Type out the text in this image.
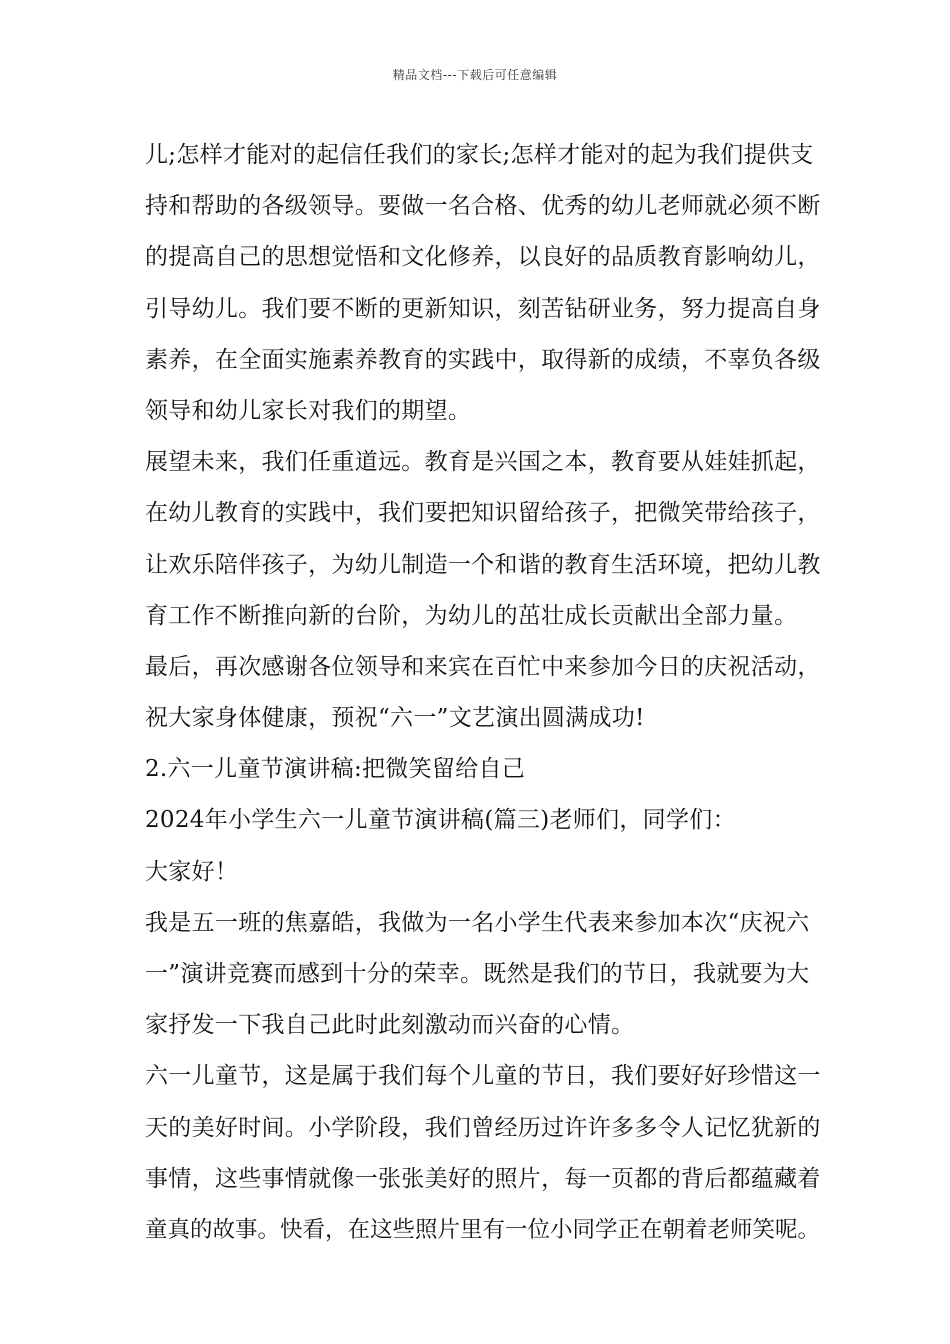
精品文档---下载后可任意编辑
儿;怎样才能对的起信任我们的家长;怎样才能对的起为我们提供支
持和帮助的各级领导。要做一名合格、优秀的幼儿老师就必须不断
的提高自己的思想觉悟和文化修养，以良好的品质教育影响幼儿，
引导幼儿。我们要不断的更新知识，刻苦钻研业务，努力提高自身
素养，在全面实施素养教育的实践中，取得新的成绩，不辜负各级
领导和幼儿家长对我们的期望。
展望未来，我们任重道远。教育是兴国之本，教育要从娃娃抓起，
在幼儿教育的实践中，我们要把知识留给孩子，把微笑带给孩子，
让欢乐陪伴孩子，为幼儿制造一个和谐的教育生活环境，把幼儿教
育工作不断推向新的台阶，为幼儿的茁壮成长贡献出全部力量。
最后，再次感谢各位领导和来宾在百忙中来参加今日的庆祝活动，
祝大家身体健康，预祝“六一”文艺演出圆满成功!
2.六一儿童节演讲稿:把微笑留给自己
2024年小学生六一儿童节演讲稿(篇三)老师们，同学们：
大家好！
我是五一班的焦嘉皓，我做为一名小学生代表来参加本次“庆祝六
一”演讲竞赛而感到十分的荣幸。既然是我们的节日，我就要为大
家抒发一下我自己此时此刻激动而兴奋的心情。
六一儿童节，这是属于我们每个儿童的节日，我们要好好珍惜这一
天的美好时间。小学阶段，我们曾经历过许许多多令人记忆犹新的
事情，这些事情就像一张张美好的照片，每一页都的背后都蕴藏着
童真的故事。快看，在这些照片里有一位小同学正在朝着老师笑呢。
